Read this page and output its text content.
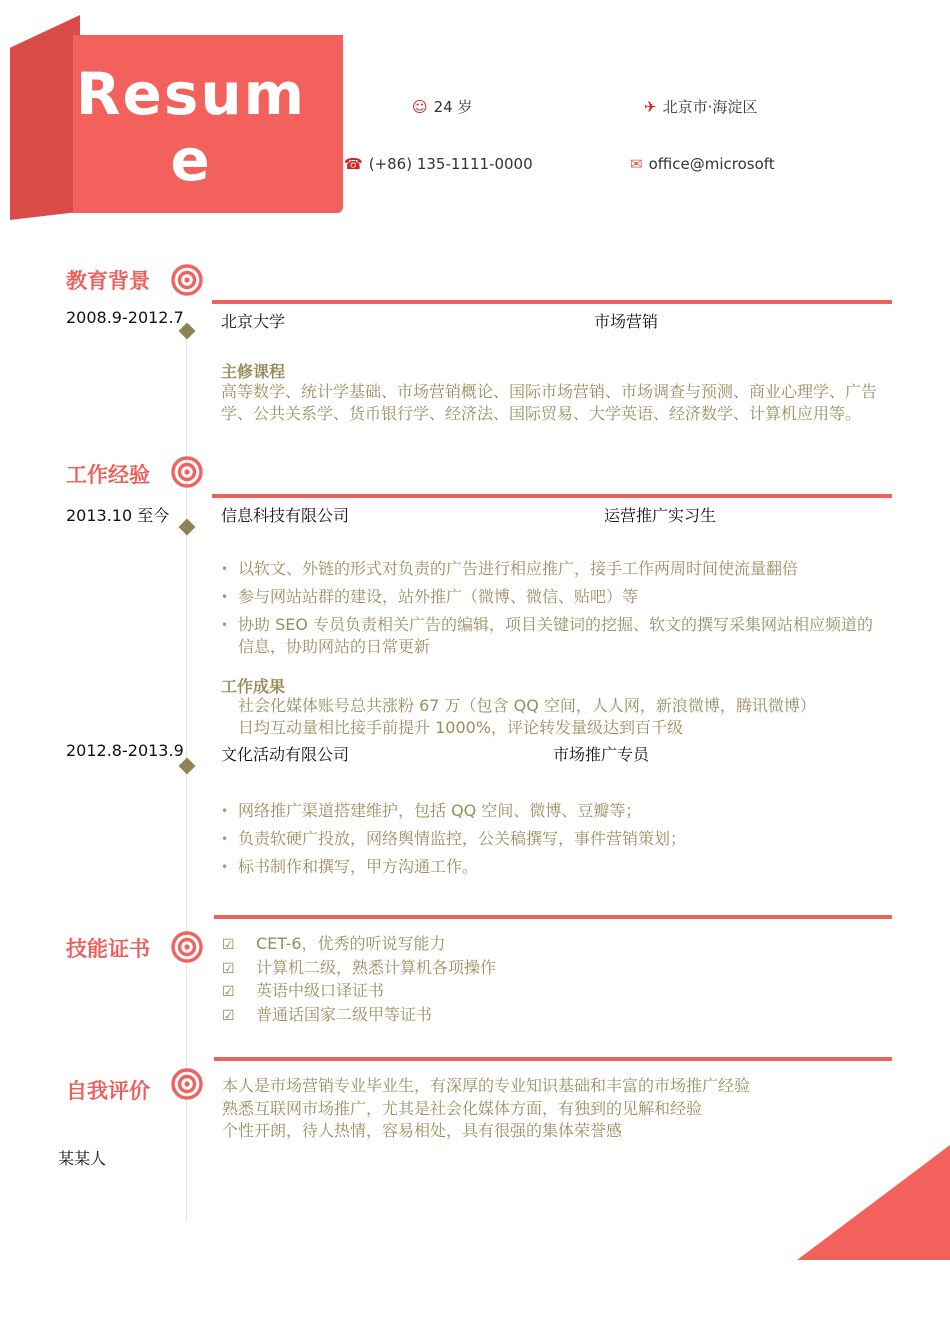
Resume
☺ 24 岁	✈ 北京市·海淀区
☎ (+86) 135-1111-0000	✉ office@microsoft
教育背景
2008.9-2012.7 北京大学	市场营销
主修课程
高等数学、统计学基础、市场营销概论、国际市场营销、市场调查与预测、商业心理学、广告学、公共关系学、货币银行学、经济法、国际贸易、大学英语、经济数学、计算机应用等。
工作经验
2013.10 至今	信息科技有限公司	运营推广实习生
• 以软文、外链的形式对负责的广告进行相应推广，接手工作两周时间使流量翻倍
• 参与网站站群的建设，站外推广（微博、微信、贴吧）等
• 协助 SEO 专员负责相关广告的编辑，项目关键词的挖掘、软文的撰写采集网站相应频道的信息，协助网站的日常更新
工作成果
社会化媒体账号总共涨粉 67 万（包含 QQ 空间，人人网，新浪微博，腾讯微博）
日均互动量相比接手前提升 1000%，评论转发量级达到百千级
2012.8-2013.9 文化活动有限公司	市场推广专员
• 网络推广渠道搭建维护，包括 QQ 空间、微博、豆瓣等；
• 负责软硬广投放，网络舆情监控，公关稿撰写，事件营销策划；
• 标书制作和撰写，甲方沟通工作。
技能证书	☑ CET-6，优秀的听说写能力
☑ 计算机二级，熟悉计算机各项操作
☑ 英语中级口译证书
☑ 普通话国家二级甲等证书
自我评价	本人是市场营销专业毕业生，有深厚的专业知识基础和丰富的市场推广经验
熟悉互联网市场推广，尤其是社会化媒体方面，有独到的见解和经验
个性开朗，待人热情，容易相处，具有很强的集体荣誉感
某某人
